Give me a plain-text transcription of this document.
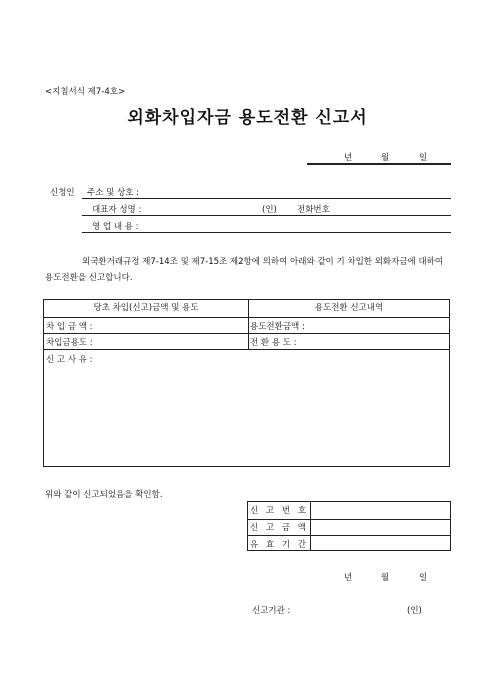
<지침서식 제7-4호>
외화차입자금 용도전환 신고서
년	월	일
신청인 주소 및 상호 :
대표자 성명 :	(인) 전화번호
영 업 내 용 :
외국환거래규정 제7-14조 및 제7-15조 제2항에 의하여 아래와 같이 기 차입한 외화자금에 대하여
용도전환을 신고합니다.
당초 차입(신고)금액 및 용도	용도전환 신고내역
차 입 금 액 :	용도전환금액 :
차입금용도 :	전 환 용 도 :
신 고 사 유 :
위와 같이 신고되었음을 확인함.
신 고 번 호
신 고 금 액
유 효 기 간
년	월	일
신고기관 :	(인)
